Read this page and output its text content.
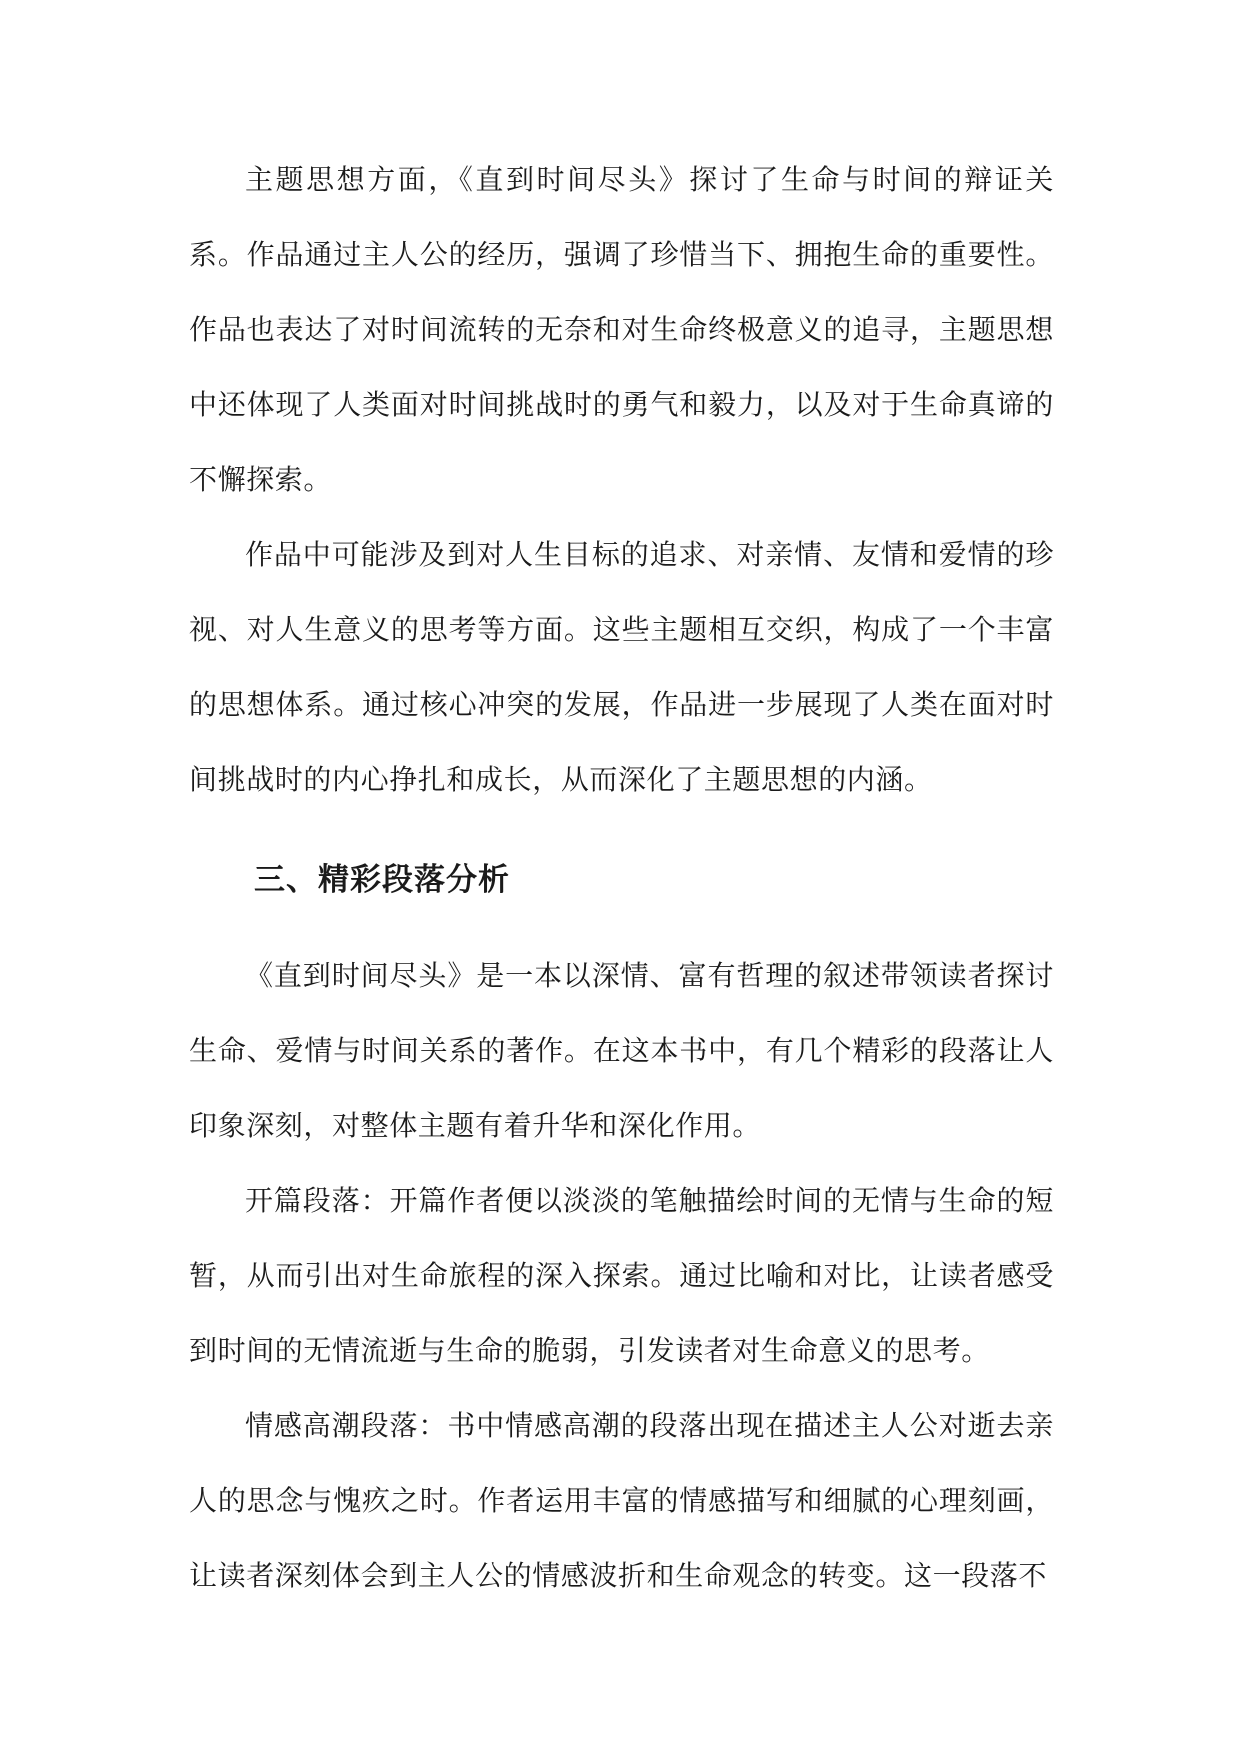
主题思想方面，《直到时间尽头》探讨了生命与时间的辩证关系。作品通过主人公的经历，强调了珍惜当下、拥抱生命的重要性。作品也表达了对时间流转的无奈和对生命终极意义的追寻，主题思想中还体现了人类面对时间挑战时的勇气和毅力，以及对于生命真谛的不懈探索。

作品中可能涉及到对人生目标的追求、对亲情、友情和爱情的珍视、对人生意义的思考等方面。这些主题相互交织，构成了一个丰富的思想体系。通过核心冲突的发展，作品进一步展现了人类在面对时间挑战时的内心挣扎和成长，从而深化了主题思想的内涵。

三、精彩段落分析

《直到时间尽头》是一本以深情、富有哲理的叙述带领读者探讨生命、爱情与时间关系的著作。在这本书中，有几个精彩的段落让人印象深刻，对整体主题有着升华和深化作用。

开篇段落：开篇作者便以淡淡的笔触描绘时间的无情与生命的短暂，从而引出对生命旅程的深入探索。通过比喻和对比，让读者感受到时间的无情流逝与生命的脆弱，引发读者对生命意义的思考。

情感高潮段落：书中情感高潮的段落出现在描述主人公对逝去亲人的思念与愧疚之时。作者运用丰富的情感描写和细腻的心理刻画，让读者深刻体会到主人公的情感波折和生命观念的转变。这一段落不
